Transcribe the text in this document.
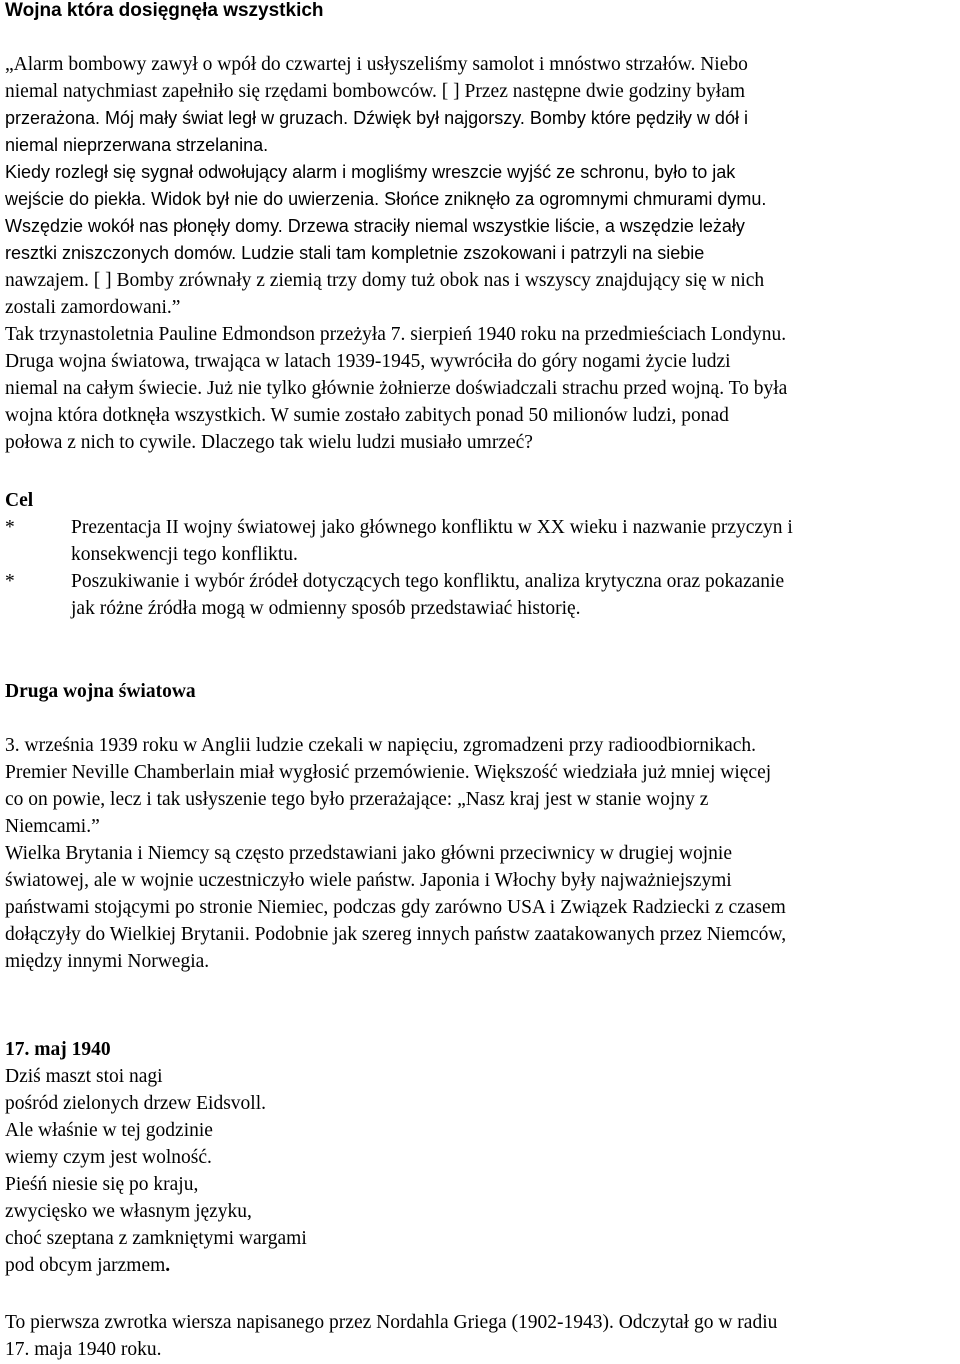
Wojna która dosięgnęła wszystkich
„Alarm bombowy zawył o wpół do czwartej i usłyszeliśmy samolot i mnóstwo strzałów. Niebo
niemal natychmiast zapełniło się rzędami bombowców. [ ] Przez następne dwie godziny byłam
przerażona. Mój mały świat legł w gruzach. Dźwięk był najgorszy. Bomby które pędziły w dół i
niemal nieprzerwana strzelanina.
Kiedy rozległ się sygnał odwołujący alarm i mogliśmy wreszcie wyjść ze schronu, było to jak
wejście do piekła. Widok był nie do uwierzenia. Słońce zniknęło za ogromnymi chmurami dymu.
Wszędzie wokół nas płonęły domy. Drzewa straciły niemal wszystkie liście, a wszędzie leżały
resztki zniszczonych domów. Ludzie stali tam kompletnie zszokowani i patrzyli na siebie
nawzajem. [ ] Bomby zrównały z ziemią trzy domy tuż obok nas i wszyscy znajdujący się w nich
zostali zamordowani.”
Tak trzynastoletnia Pauline Edmondson przeżyła 7. sierpień 1940 roku na przedmieściach Londynu.
Druga wojna światowa, trwająca w latach 1939-1945, wywróciła do góry nogami życie ludzi
niemal na całym świecie. Już nie tylko głównie żołnierze doświadczali strachu przed wojną. To była
wojna która dotknęła wszystkich. W sumie zostało zabitych ponad 50 milionów ludzi, ponad
połowa z nich to cywile. Dlaczego tak wielu ludzi musiało umrzeć?
Cel
*	Prezentacja II wojny światowej jako głównego konfliktu w XX wieku i nazwanie przyczyn i
konsekwencji tego konfliktu.
*	Poszukiwanie i wybór źródeł dotyczących tego konfliktu, analiza krytyczna oraz pokazanie
jak różne źródła mogą w odmienny sposób przedstawiać historię.
Druga wojna światowa
3. września 1939 roku w Anglii ludzie czekali w napięciu, zgromadzeni przy radioodbiornikach.
Premier Neville Chamberlain miał wygłosić przemówienie. Większość wiedziała już mniej więcej
co on powie, lecz i tak usłyszenie tego było przerażające: „Nasz kraj jest w stanie wojny z
Niemcami.”
Wielka Brytania i Niemcy są często przedstawiani jako główni przeciwnicy w drugiej wojnie
światowej, ale w wojnie uczestniczyło wiele państw. Japonia i Włochy były najważniejszymi
państwami stojącymi po stronie Niemiec, podczas gdy zarówno USA i Związek Radziecki z czasem
dołączyły do Wielkiej Brytanii. Podobnie jak szereg innych państw zaatakowanych przez Niemców,
między innymi Norwegia.
17. maj 1940
Dziś maszt stoi nagi
pośród zielonych drzew Eidsvoll.
Ale właśnie w tej godzinie
wiemy czym jest wolność.
Pieśń niesie się po kraju,
zwycięsko we własnym języku,
choć szeptana z zamkniętymi wargami
pod obcym jarzmem.
To pierwsza zwrotka wiersza napisanego przez Nordahla Griega (1902-1943). Odczytał go w radiu
17. maja 1940 roku.
